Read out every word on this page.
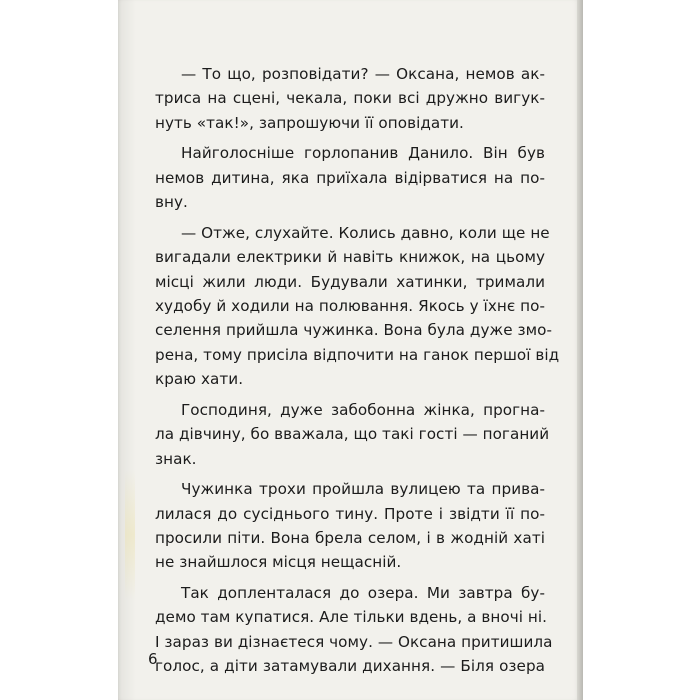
— То що, розповідати? — Оксана, немов ак-
триса на сцені, чекала, поки всі дружно вигук-
нуть «так!», запрошуючи її оповідати.
Найголосніше горлопанив Данило. Він був
немов дитина, яка приїхала відірватися на по-
вну.
— Отже, слухайте. Колись давно, коли ще не
вигадали електрики й навіть книжок, на цьому
місці жили люди. Будували хатинки, тримали
худобу й ходили на полювання. Якось у їхнє по-
селення прийшла чужинка. Вона була дуже змо-
рена, тому присіла відпочити на ганок першої від
краю хати.
Господиня, дуже забобонна жінка, прогна-
ла дівчину, бо вважала, що такі гості — поганий
знак.
Чужинка трохи пройшла вулицею та прива-
лилася до сусіднього тину. Проте і звідти її по-
просили піти. Вона брела селом, і в жодній хаті
не знайшлося місця нещасній.
Так допленталася до озера. Ми завтра бу-
демо там купатися. Але тільки вдень, а вночі ні.
І зараз ви дізнаєтеся чому. — Оксана притишила
голос, а діти затамували дихання. — Біля озера
6
